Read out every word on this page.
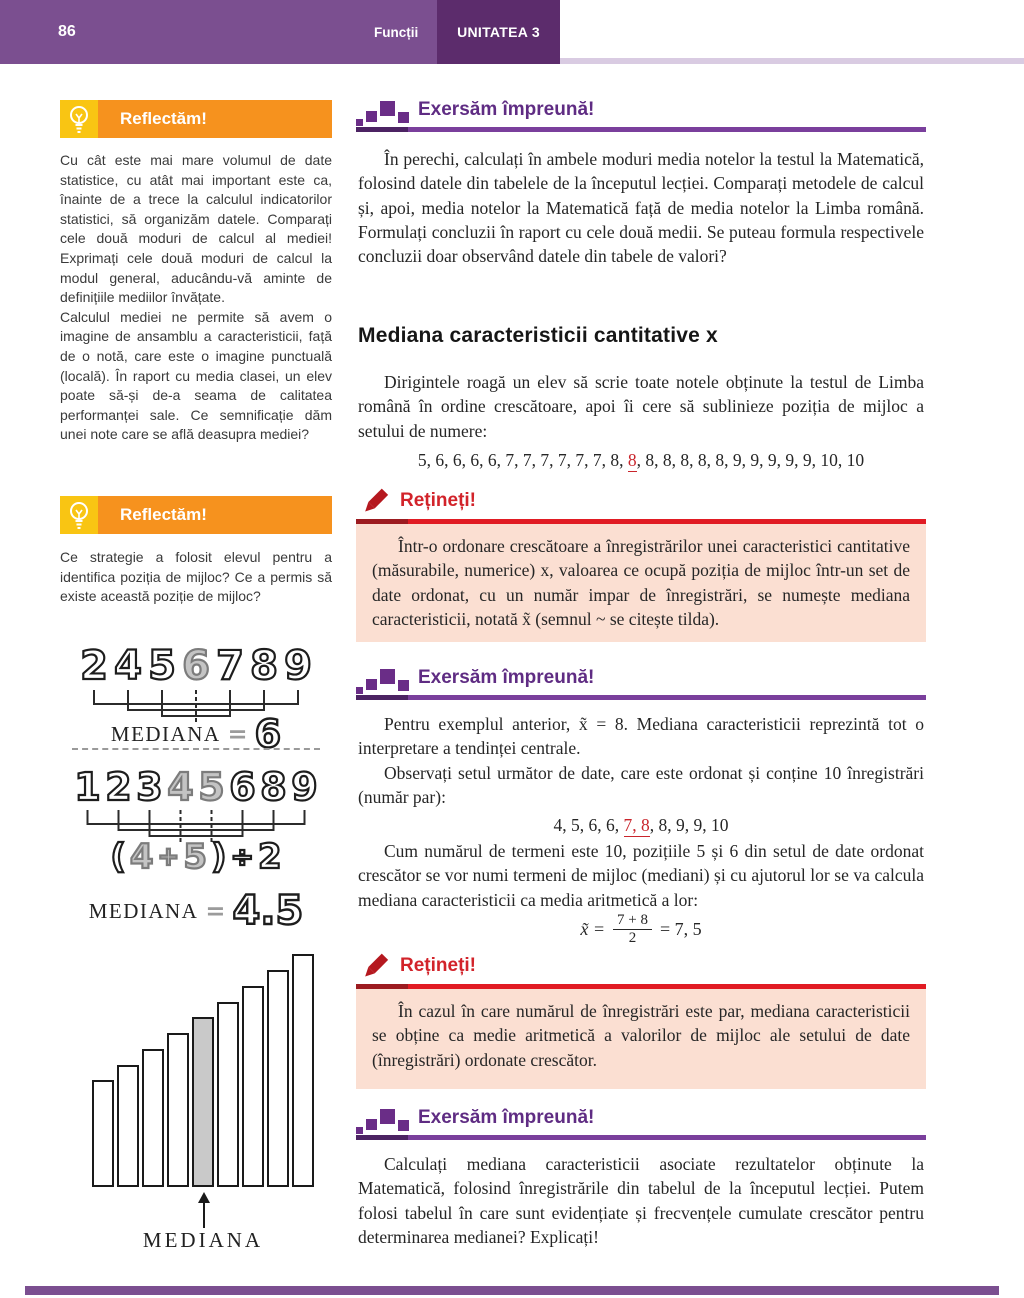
86	Funcții	UNITATEA 3
Reflectăm!

Cu cât este mai mare volumul de date statistice, cu atât mai important este ca, înainte de a trece la calculul indicatorilor statistici, să organizăm datele. Comparați cele două moduri de calcul al mediei! Exprimați cele două moduri de calcul la modul general, aducându-vă aminte de definițiile mediilor învățate.

Calculul mediei ne permite să avem o imagine de ansamblu a caracteristicii, față de o notă, care este o imagine punctuală (locală). În raport cu media clasei, un elev poate să-și de-a seama de calitatea performanței sale. Ce semnificație dăm unei note care se află deasupra mediei?

Reflectăm!

Ce strategie a folosit elevul pentru a identifica poziția de mijloc? Ce a permis să existe această poziție de mijloc?

2 4 5 6 7 8 9
MEDIANA = 6
1 2 3 4 5 6 8 9
( 4 + 5 ) ÷ 2
MEDIANA = 4.5
MEDIANA
Exersăm împreună!

În perechi, calculați în ambele moduri media notelor la testul la Matematică, folosind datele din tabelele de la începutul lecției. Comparați metodele de calcul și, apoi, media notelor la Matematică față de media notelor la Limba română. Formulați concluzii în raport cu cele două medii. Se puteau formula respectivele concluzii doar observând datele din tabele de valori?

Mediana caracteristicii cantitative x

Dirigintele roagă un elev să scrie toate notele obținute la testul de Limba română în ordine crescătoare, apoi îi cere să sublinieze poziția de mijloc a setului de numere:

5, 6, 6, 6, 6, 7, 7, 7, 7, 7, 7, 8, 8, 8, 8, 8, 8, 8, 9, 9, 9, 9, 9, 10, 10
Rețineți!

Într-o ordonare crescătoare a înregistrărilor unei caracteristici cantitative (măsurabile, numerice) x, valoarea ce ocupă poziția de mijloc într-un set de date ordonat, cu un număr impar de înregistrări, se numește mediana caracteristicii, notată x̃ (semnul ~ se citește tilda).

Exersăm împreună!

Pentru exemplul anterior, x̃ = 8. Mediana caracteristicii reprezintă tot o interpretare a tendinței centrale.

Observați setul următor de date, care este ordonat și conține 10 înregistrări (număr par):

4, 5, 6, 6, 7, 8, 8, 9, 9, 10

Cum numărul de termeni este 10, pozițiile 5 și 6 din setul de date ordonat crescător se vor numi termeni de mijloc (mediani) și cu ajutorul lor se va calcula mediana caracteristicii ca media aritmetică a lor:

x̃ = $\frac{7 + 8}{2} = 7$, 5
Rețineți!

În cazul în care numărul de înregistrări este par, mediana caracteristicii se obține ca medie aritmetică a valorilor de mijloc ale setului de date (înregistrări) ordonate crescător.

Exersăm împreună!

Calculați mediana caracteristicii asociate rezultatelor obținute la Matematică, folosind înregistrările din tabelul de la începutul lecției. Putem folosi tabelul în care sunt evidențiate și frecvențele cumulate crescător pentru determinarea medianei? Explicați!
